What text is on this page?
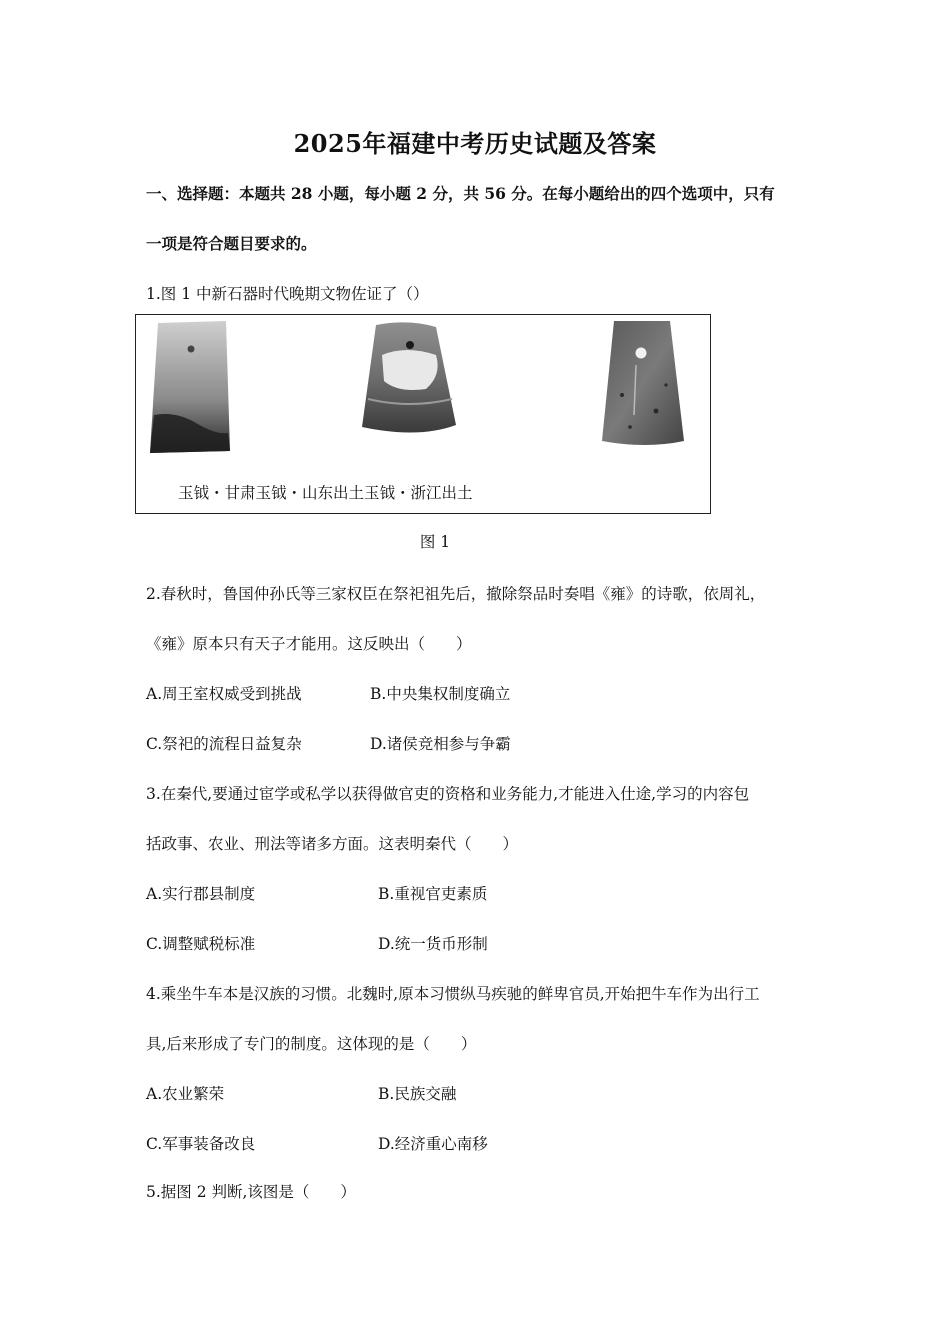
2025年福建中考历史试题及答案
一、选择题：本题共 28 小题，每小题 2 分，共 56 分。在每小题给出的四个选项中，只有
一项是符合题目要求的。
1.图 1 中新石器时代晚期文物佐证了（）
玉钺・甘肃玉钺・山东出土玉钺・浙江出土
图 1
2.春秋时，鲁国仲孙氏等三家权臣在祭祀祖先后，撤除祭品时奏唱《雍》的诗歌，依周礼，
《雍》原本只有天子才能用。这反映出（　　）
A.周王室权威受到挑战	B.中央集权制度确立
C.祭祀的流程日益复杂	D.诸侯竞相参与争霸
3.在秦代,要通过宦学或私学以获得做官吏的资格和业务能力,才能进入仕途,学习的内容包
括政事、农业、刑法等诸多方面。这表明秦代（　　）
A.实行郡县制度	B.重视官吏素质
C.调整赋税标准	D.统一货币形制
4.乘坐牛车本是汉族的习惯。北魏时,原本习惯纵马疾驰的鲜卑官员,开始把牛车作为出行工
具,后来形成了专门的制度。这体现的是（　　）
A.农业繁荣	B.民族交融
C.军事装备改良	D.经济重心南移
5.据图 2 判断,该图是（　　）
